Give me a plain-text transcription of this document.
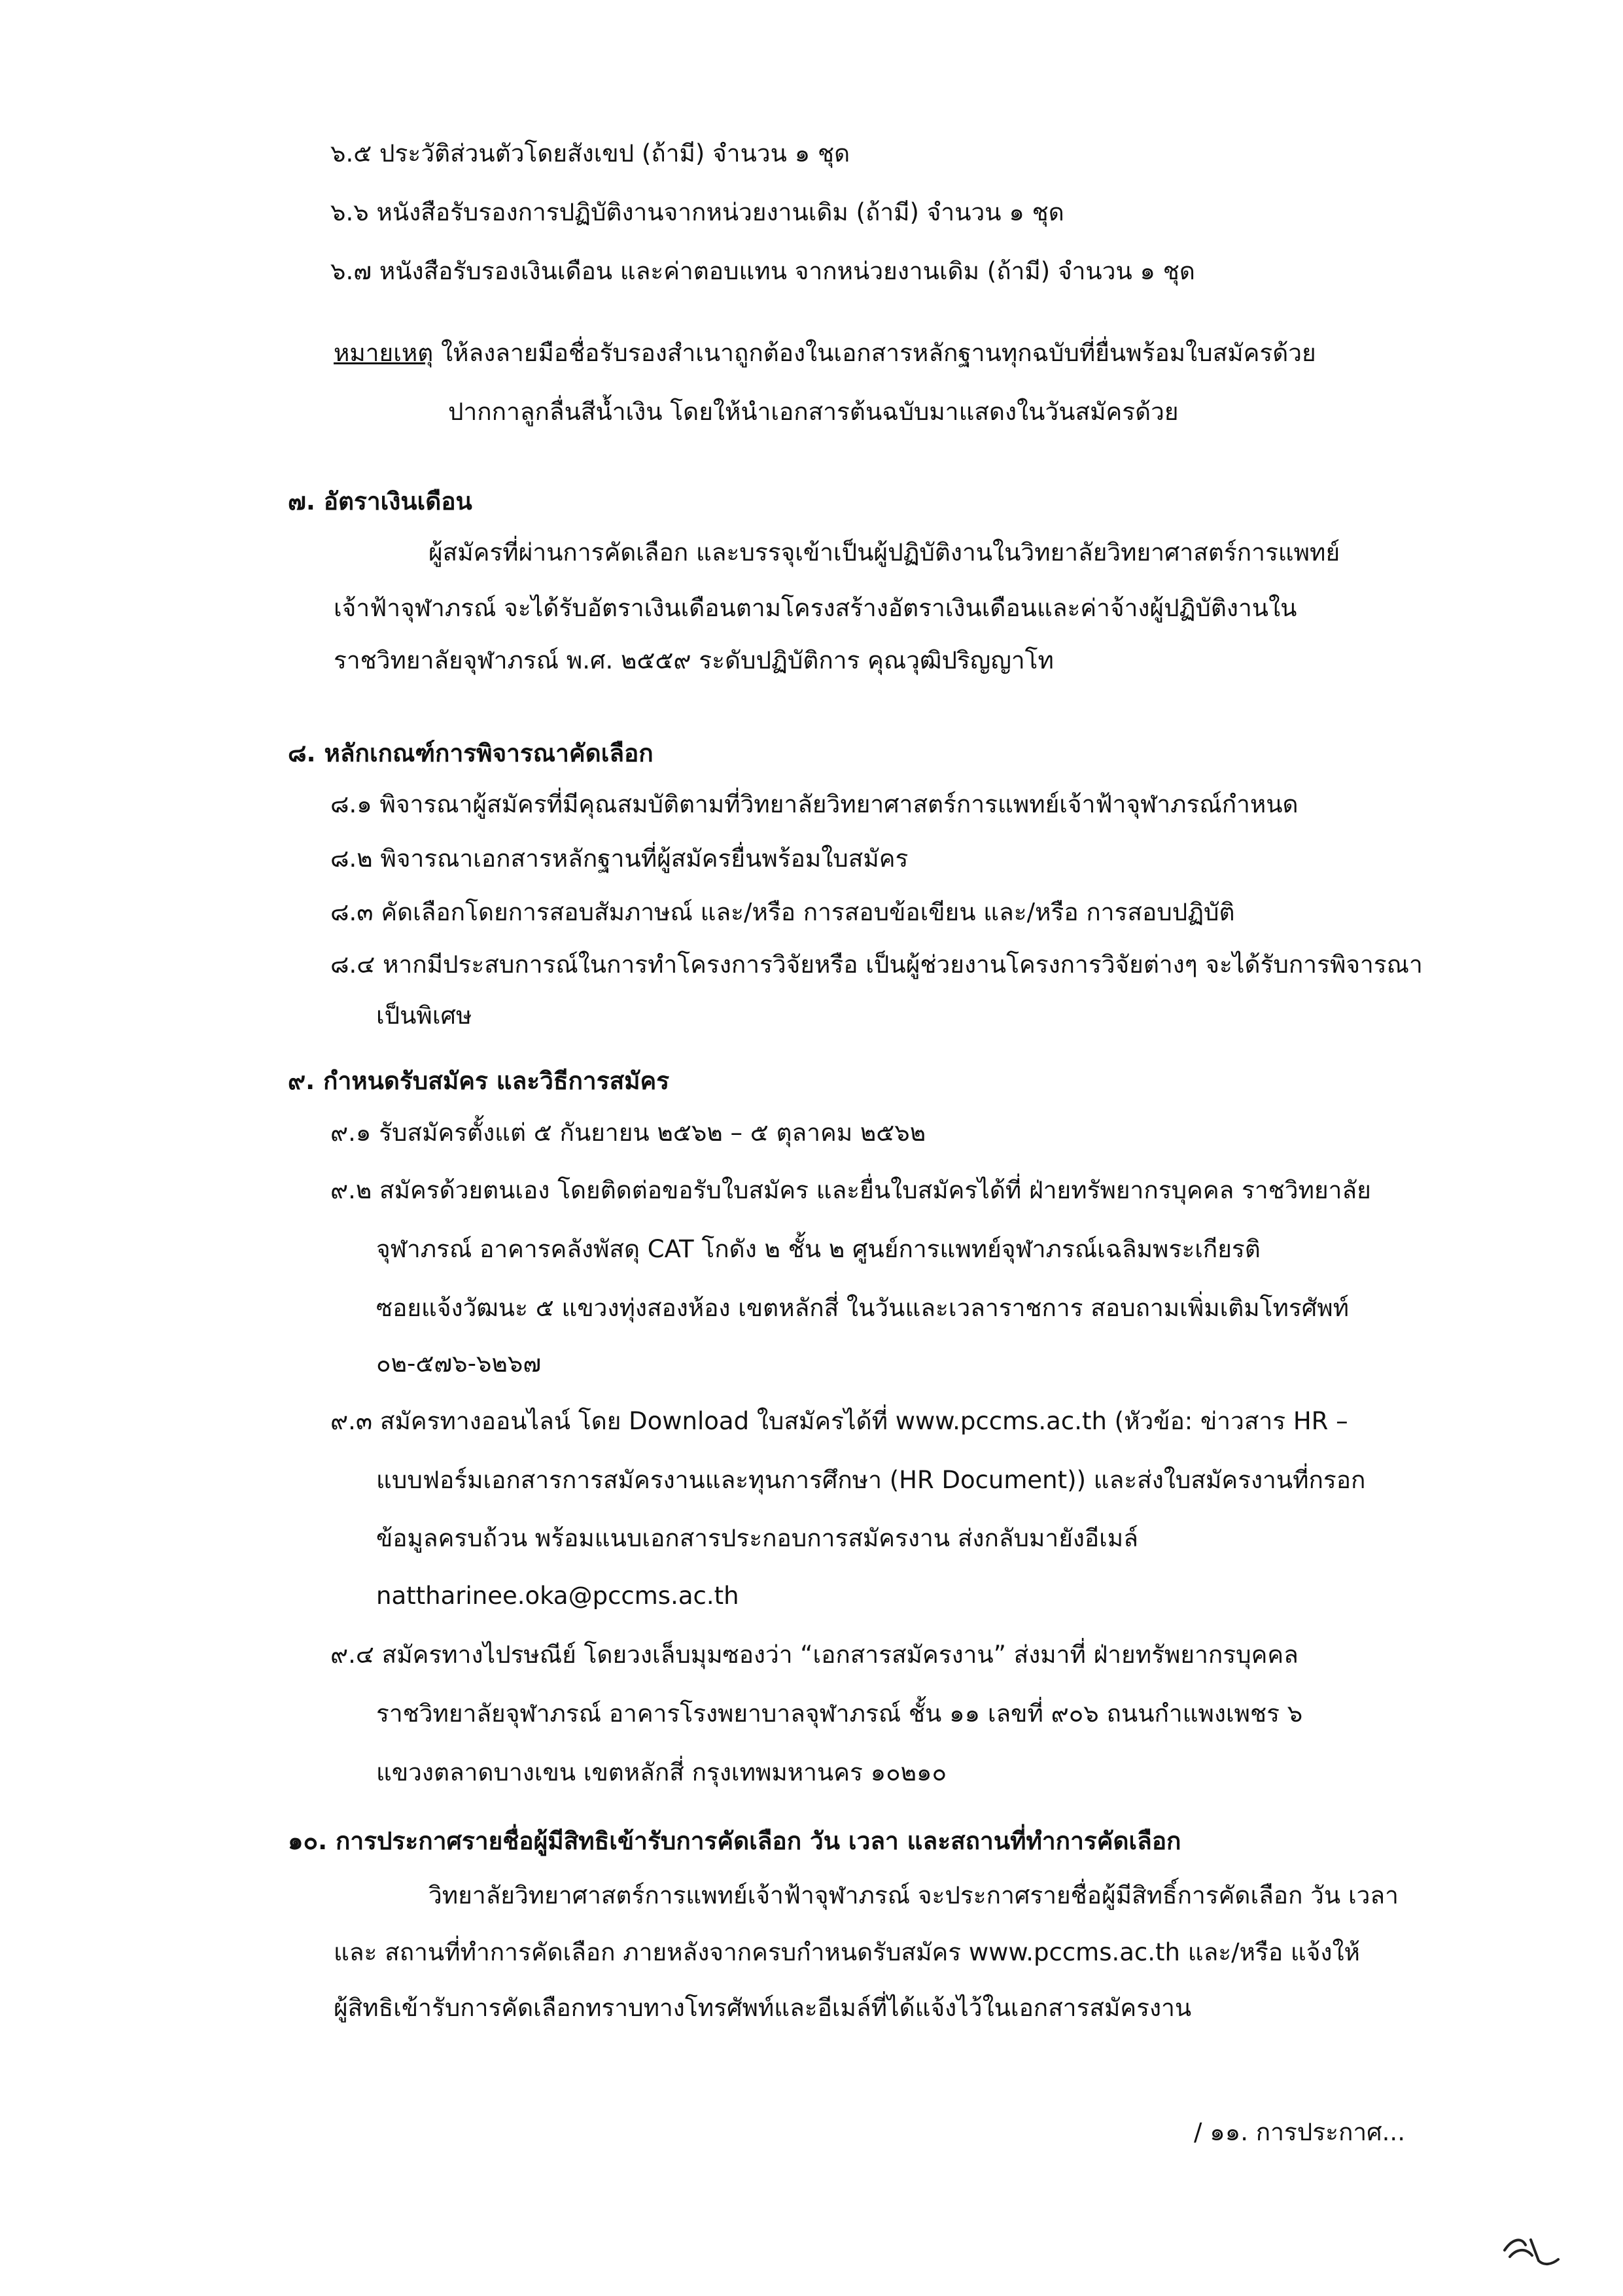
๖.๕ ประวัติส่วนตัวโดยสังเขป (ถ้ามี) จำนวน ๑ ชุด
๖.๖ หนังสือรับรองการปฏิบัติงานจากหน่วยงานเดิม (ถ้ามี) จำนวน ๑ ชุด
๖.๗ หนังสือรับรองเงินเดือน และค่าตอบแทน จากหน่วยงานเดิม (ถ้ามี) จำนวน ๑ ชุด
หมายเหตุ ให้ลงลายมือชื่อรับรองสำเนาถูกต้องในเอกสารหลักฐานทุกฉบับที่ยื่นพร้อมใบสมัครด้วย
ปากกาลูกลื่นสีน้ำเงิน โดยให้นำเอกสารต้นฉบับมาแสดงในวันสมัครด้วย
๗. อัตราเงินเดือน
ผู้สมัครที่ผ่านการคัดเลือก และบรรจุเข้าเป็นผู้ปฏิบัติงานในวิทยาลัยวิทยาศาสตร์การแพทย์
เจ้าฟ้าจุฬาภรณ์ จะได้รับอัตราเงินเดือนตามโครงสร้างอัตราเงินเดือนและค่าจ้างผู้ปฏิบัติงานใน
ราชวิทยาลัยจุฬาภรณ์ พ.ศ. ๒๕๕๙ ระดับปฏิบัติการ คุณวุฒิปริญญาโท
๘. หลักเกณฑ์การพิจารณาคัดเลือก
๘.๑ พิจารณาผู้สมัครที่มีคุณสมบัติตามที่วิทยาลัยวิทยาศาสตร์การแพทย์เจ้าฟ้าจุฬาภรณ์กำหนด
๘.๒ พิจารณาเอกสารหลักฐานที่ผู้สมัครยื่นพร้อมใบสมัคร
๘.๓ คัดเลือกโดยการสอบสัมภาษณ์ และ/หรือ การสอบข้อเขียน และ/หรือ การสอบปฏิบัติ
๘.๔ หากมีประสบการณ์ในการทำโครงการวิจัยหรือ เป็นผู้ช่วยงานโครงการวิจัยต่างๆ จะได้รับการพิจารณา
เป็นพิเศษ
๙. กำหนดรับสมัคร และวิธีการสมัคร
๙.๑ รับสมัครตั้งแต่ ๕ กันยายน ๒๕๖๒ – ๕ ตุลาคม ๒๕๖๒
๙.๒ สมัครด้วยตนเอง โดยติดต่อขอรับใบสมัคร และยื่นใบสมัครได้ที่ ฝ่ายทรัพยากรบุคคล ราชวิทยาลัย
จุฬาภรณ์ อาคารคลังพัสดุ CAT โกดัง ๒ ชั้น ๒ ศูนย์การแพทย์จุฬาภรณ์เฉลิมพระเกียรติ
ซอยแจ้งวัฒนะ ๕ แขวงทุ่งสองห้อง เขตหลักสี่ ในวันและเวลาราชการ สอบถามเพิ่มเติมโทรศัพท์
๐๒-๕๗๖-๖๒๖๗
๙.๓ สมัครทางออนไลน์ โดย Download ใบสมัครได้ที่ www.pccms.ac.th (หัวข้อ: ข่าวสาร HR –
แบบฟอร์มเอกสารการสมัครงานและทุนการศึกษา (HR Document)) และส่งใบสมัครงานที่กรอก
ข้อมูลครบถ้วน พร้อมแนบเอกสารประกอบการสมัครงาน ส่งกลับมายังอีเมล์
nattharinee.oka@pccms.ac.th
๙.๔ สมัครทางไปรษณีย์ โดยวงเล็บมุมซองว่า “เอกสารสมัครงาน” ส่งมาที่ ฝ่ายทรัพยากรบุคคล
ราชวิทยาลัยจุฬาภรณ์ อาคารโรงพยาบาลจุฬาภรณ์ ชั้น ๑๑ เลขที่ ๙๐๖ ถนนกำแพงเพชร ๖
แขวงตลาดบางเขน เขตหลักสี่ กรุงเทพมหานคร ๑๐๒๑๐
๑๐. การประกาศรายชื่อผู้มีสิทธิเข้ารับการคัดเลือก วัน เวลา และสถานที่ทำการคัดเลือก
วิทยาลัยวิทยาศาสตร์การแพทย์เจ้าฟ้าจุฬาภรณ์ จะประกาศรายชื่อผู้มีสิทธิ์การคัดเลือก วัน เวลา
และ สถานที่ทำการคัดเลือก ภายหลังจากครบกำหนดรับสมัคร www.pccms.ac.th และ/หรือ แจ้งให้
ผู้สิทธิเข้ารับการคัดเลือกทราบทางโทรศัพท์และอีเมล์ที่ได้แจ้งไว้ในเอกสารสมัครงาน
/ ๑๑. การประกาศ...
